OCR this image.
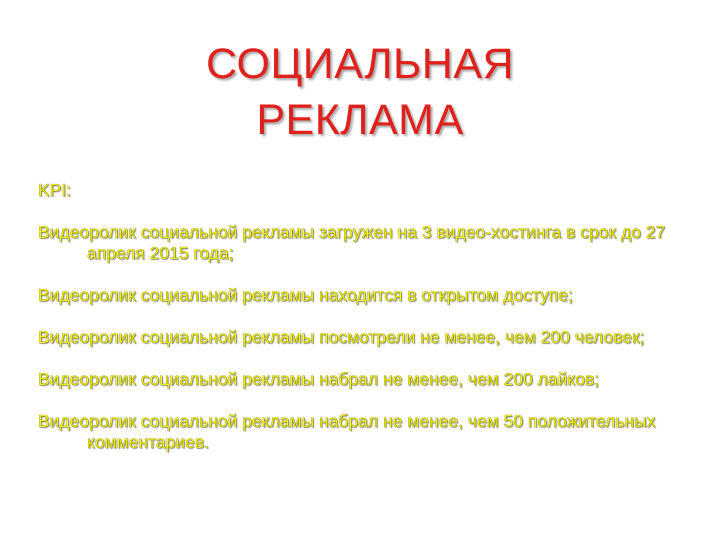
СОЦИАЛЬНАЯ
РЕКЛАМА
KPI:
Видеоролик социальной рекламы загружен на 3 видео-хостинга в срок до 27 апреля 2015 года;
Видеоролик социальной рекламы находится в открытом доступе;
Видеоролик социальной рекламы посмотрели не менее, чем 200 человек;
Видеоролик социальной рекламы набрал не менее, чем 200 лайков;
Видеоролик социальной рекламы набрал не менее, чем 50 положительных комментариев.
